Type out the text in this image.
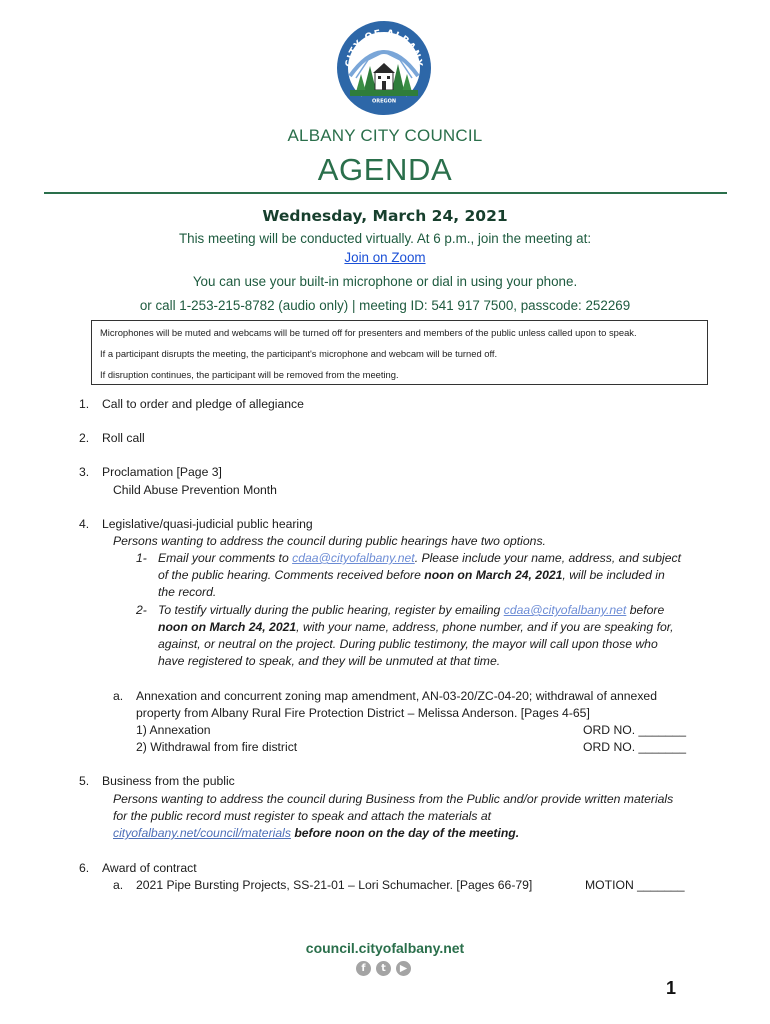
OREGON
CITY OF ALBANY
ALBANY CITY COUNCIL
AGENDA
Wednesday, March 24, 2021
This meeting will be conducted virtually. At 6 p.m., join the meeting at:
Join on Zoom
You can use your built-in microphone or dial in using your phone.
or call 1-253-215-8782 (audio only) | meeting ID: 541 917 7500, passcode: 252269
Microphones will be muted and webcams will be turned off for presenters and members of the public unless called upon to speak.
If a participant disrupts the meeting, the participant's microphone and webcam will be turned off.
If disruption continues, the participant will be removed from the meeting.
1. Call to order and pledge of allegiance
2. Roll call
3. Proclamation [Page 3]
Child Abuse Prevention Month
4. Legislative/quasi-judicial public hearing
Persons wanting to address the council during public hearings have two options.
1- Email your comments to cdaa@cityofalbany.net. Please include your name, address, and subject
of the public hearing. Comments received before noon on March 24, 2021, will be included in
the record.
2- To testify virtually during the public hearing, register by emailing cdaa@cityofalbany.net before
noon on March 24, 2021, with your name, address, phone number, and if you are speaking for,
against, or neutral on the project. During public testimony, the mayor will call upon those who
have registered to speak, and they will be unmuted at that time.
a. Annexation and concurrent zoning map amendment, AN-03-20/ZC-04-20; withdrawal of annexed
property from Albany Rural Fire Protection District – Melissa Anderson. [Pages 4-65]
1) Annexation	ORD NO. _______
2) Withdrawal from fire district	ORD NO. _______
5. Business from the public
Persons wanting to address the council during Business from the Public and/or provide written materials
for the public record must register to speak and attach the materials at
cityofalbany.net/council/materials before noon on the day of the meeting.
6. Award of contract
a. 2021 Pipe Bursting Projects, SS-21-01 – Lori Schumacher. [Pages 66-79]	MOTION _______
council.cityofalbany.net
f	t	▶
1
